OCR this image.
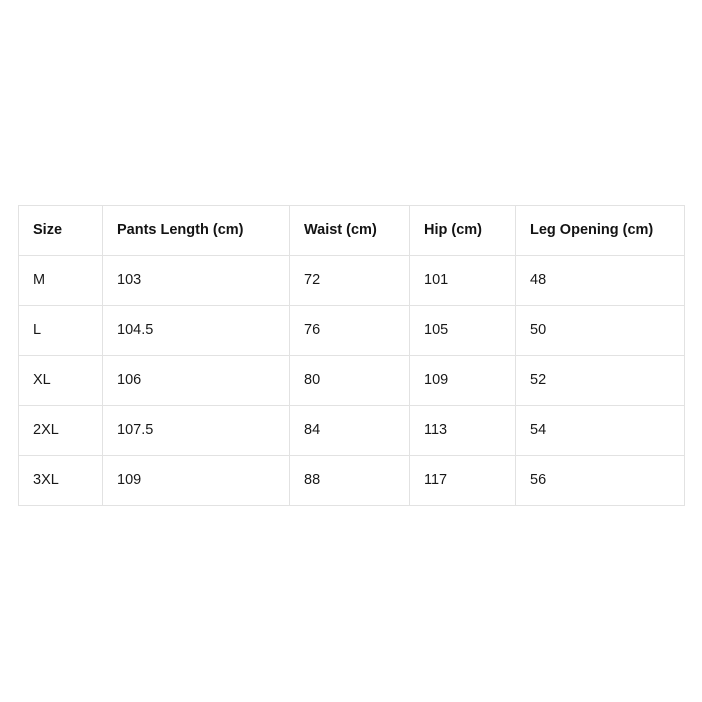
Size	Pants Length (cm)	Waist (cm)	Hip (cm)	Leg Opening (cm)
M	103	72	101	48
L	104.5	76	105	50
XL	106	80	109	52
2XL	107.5	84	113	54
3XL	109	88	117	56
